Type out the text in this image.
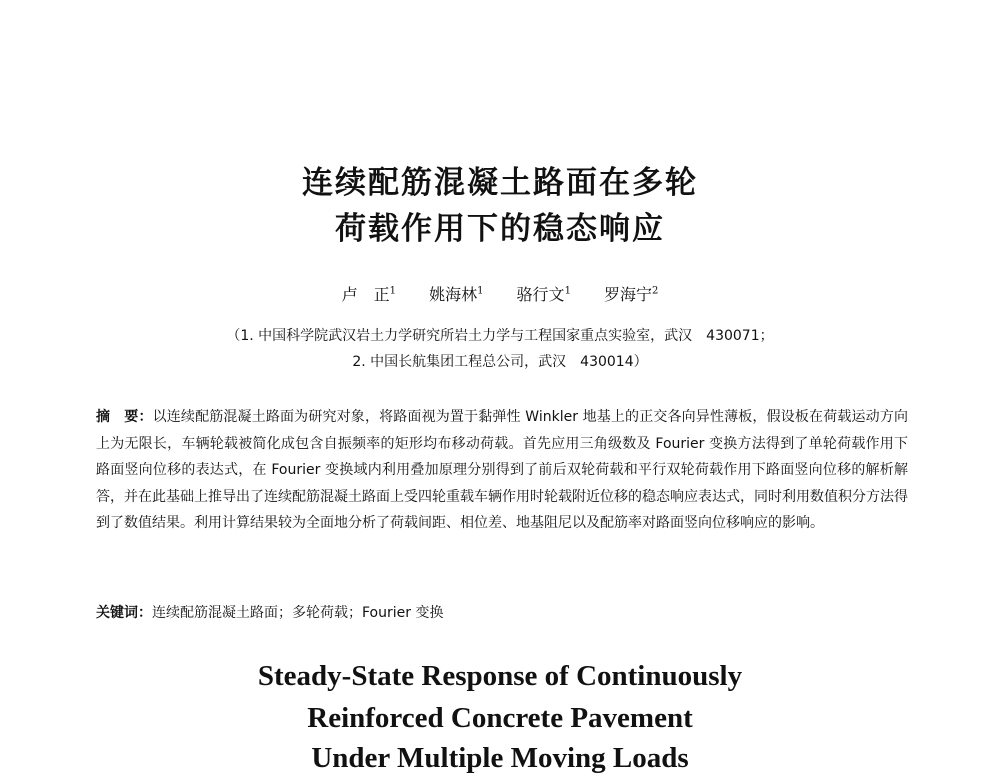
连续配筋混凝土路面在多轮
荷载作用下的稳态响应
卢　正$^1$ 姚海林$^1$ 骆行文$^1$ 罗海宁$^2$
（1. 中国科学院武汉岩土力学研究所岩土力学与工程国家重点实验室，武汉　430071；
2. 中国长航集团工程总公司，武汉　430014）
摘　要：以连续配筋混凝土路面为研究对象，将路面视为置于黏弹性 Winkler 地基上的正交各向异性薄板，假设板在荷载运动方向上为无限长，车辆轮载被简化成包含自振频率的矩形均布移动荷载。首先应用三角级数及 Fourier 变换方法得到了单轮荷载作用下路面竖向位移的表达式，在 Fourier 变换域内利用叠加原理分别得到了前后双轮荷载和平行双轮荷载作用下路面竖向位移的解析解答，并在此基础上推导出了连续配筋混凝土路面上受四轮重载车辆作用时轮载附近位移的稳态响应表达式，同时利用数值积分方法得到了数值结果。利用计算结果较为全面地分析了荷载间距、相位差、地基阻尼以及配筋率对路面竖向位移响应的影响。
关键词：连续配筋混凝土路面；多轮荷载；Fourier 变换
Steady-State Response of Continuously
Reinforced Concrete Pavement
Under Multiple Moving Loads
